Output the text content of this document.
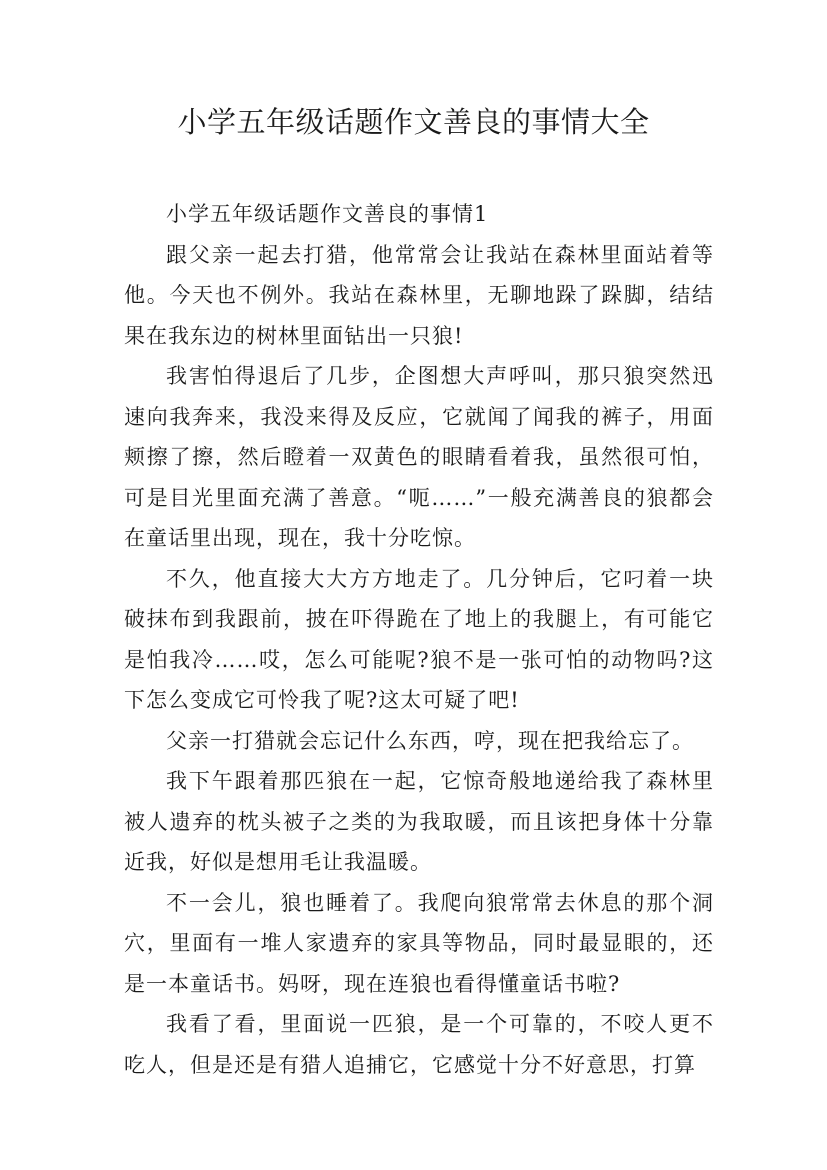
小学五年级话题作文善良的事情大全

小学五年级话题作文善良的事情1

跟父亲一起去打猎，他常常会让我站在森林里面站着等他。今天也不例外。我站在森林里，无聊地跺了跺脚，结结果在我东边的树林里面钻出一只狼!

我害怕得退后了几步，企图想大声呼叫，那只狼突然迅速向我奔来，我没来得及反应，它就闻了闻我的裤子，用面颊擦了擦，然后瞪着一双黄色的眼睛看着我，虽然很可怕，可是目光里面充满了善意。“呃……”一般充满善良的狼都会在童话里出现，现在，我十分吃惊。

不久，他直接大大方方地走了。几分钟后，它叼着一块破抹布到我跟前，披在吓得跪在了地上的我腿上，有可能它是怕我冷……哎，怎么可能呢?狼不是一张可怕的动物吗?这下怎么变成它可怜我了呢?这太可疑了吧!

父亲一打猎就会忘记什么东西，哼，现在把我给忘了。

我下午跟着那匹狼在一起，它惊奇般地递给我了森林里被人遗弃的枕头被子之类的为我取暖，而且该把身体十分靠近我，好似是想用毛让我温暖。

不一会儿，狼也睡着了。我爬向狼常常去休息的那个洞穴，里面有一堆人家遗弃的家具等物品，同时最显眼的，还是一本童话书。妈呀，现在连狼也看得懂童话书啦?

我看了看，里面说一匹狼，是一个可靠的，不咬人更不吃人，但是还是有猎人追捕它，它感觉十分不好意思，打算
